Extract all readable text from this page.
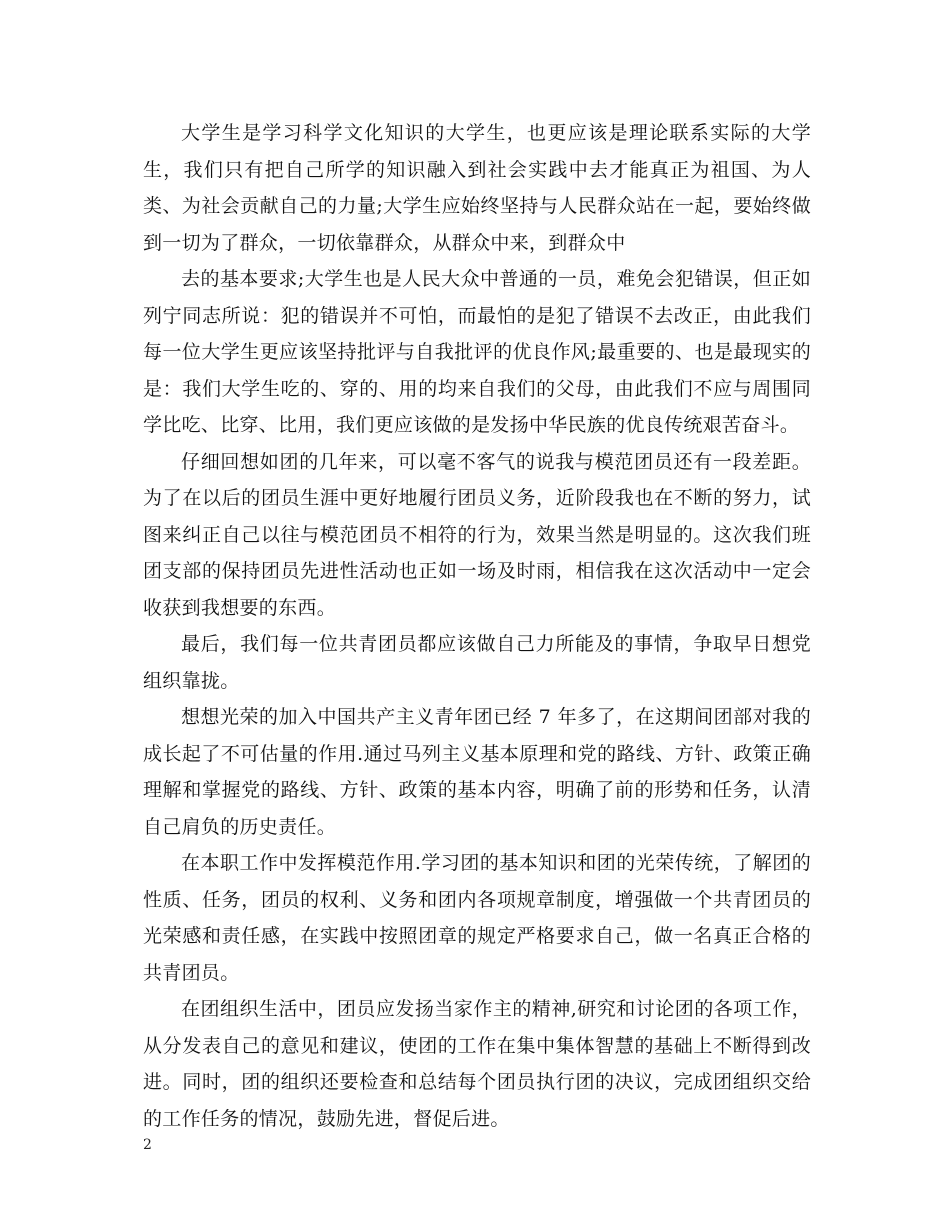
大学生是学习科学文化知识的大学生，也更应该是理论联系实际的大学生，我们只有把自己所学的知识融入到社会实践中去才能真正为祖国、为人类、为社会贡献自己的力量;大学生应始终坚持与人民群众站在一起，要始终做到一切为了群众，一切依靠群众，从群众中来，到群众中

去的基本要求;大学生也是人民大众中普通的一员，难免会犯错误，但正如列宁同志所说：犯的错误并不可怕，而最怕的是犯了错误不去改正，由此我们每一位大学生更应该坚持批评与自我批评的优良作风;最重要的、也是最现实的是：我们大学生吃的、穿的、用的均来自我们的父母，由此我们不应与周围同学比吃、比穿、比用，我们更应该做的是发扬中华民族的优良传统艰苦奋斗。

仔细回想如团的几年来，可以毫不客气的说我与模范团员还有一段差距。为了在以后的团员生涯中更好地履行团员义务，近阶段我也在不断的努力，试图来纠正自己以往与模范团员不相符的行为，效果当然是明显的。这次我们班团支部的保持团员先进性活动也正如一场及时雨，相信我在这次活动中一定会收获到我想要的东西。

最后，我们每一位共青团员都应该做自己力所能及的事情，争取早日想党组织靠拢。

想想光荣的加入中国共产主义青年团已经 7 年多了，在这期间团部对我的成长起了不可估量的作用.通过马列主义基本原理和党的路线、方针、政策正确理解和掌握党的路线、方针、政策的基本内容，明确了前的形势和任务，认清自己肩负的历史责任。

在本职工作中发挥模范作用.学习团的基本知识和团的光荣传统，了解团的性质、任务，团员的权利、义务和团内各项规章制度，增强做一个共青团员的光荣感和责任感，在实践中按照团章的规定严格要求自己，做一名真正合格的共青团员。

在团组织生活中，团员应发扬当家作主的精神,研究和讨论团的各项工作，从分发表自己的意见和建议，使团的工作在集中集体智慧的基础上不断得到改进。同时，团的组织还要检查和总结每个团员执行团的决议，完成团组织交给的工作任务的情况，鼓励先进，督促后进。

2
